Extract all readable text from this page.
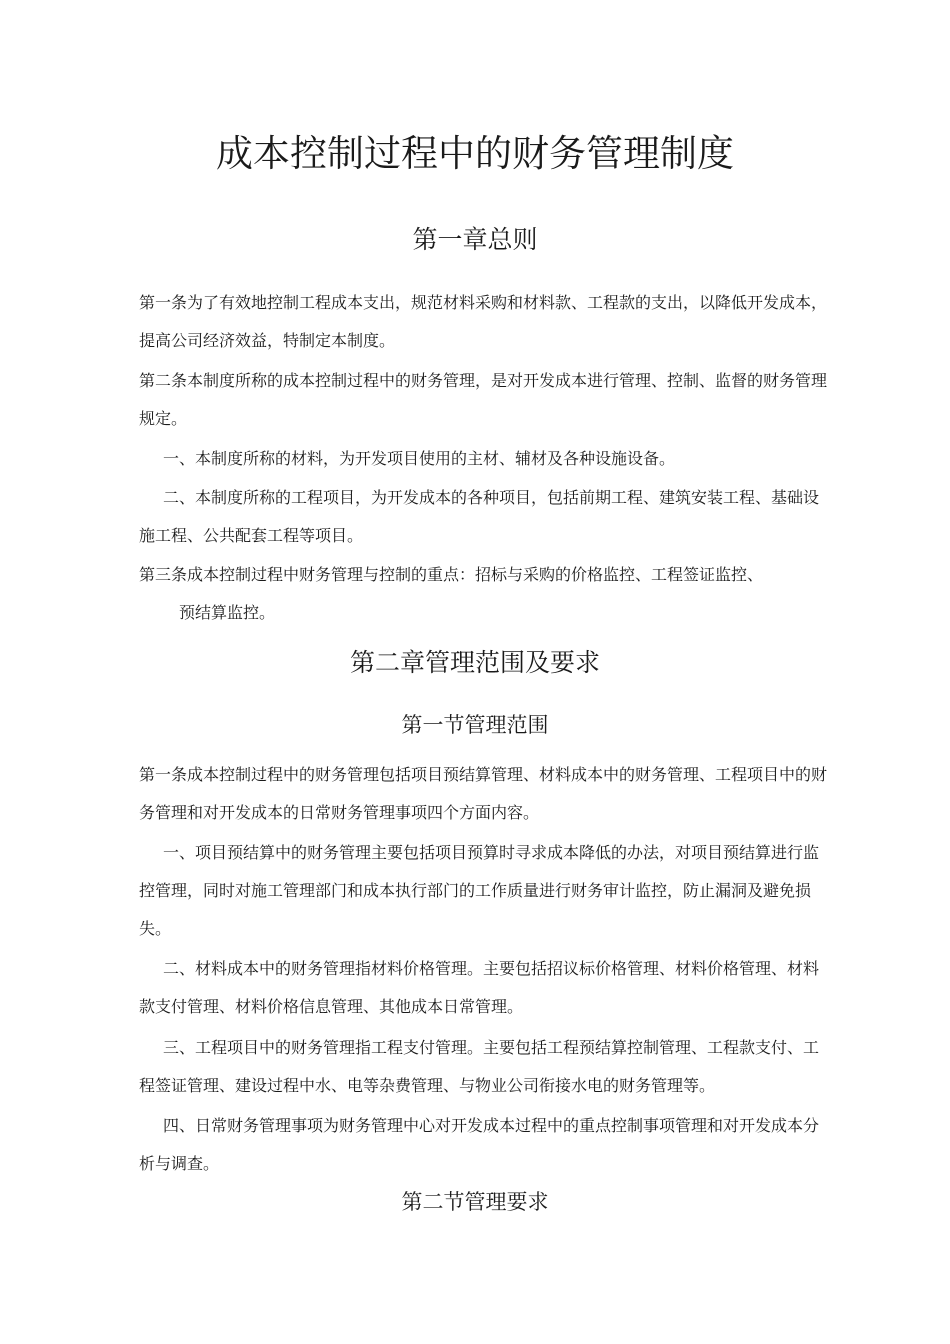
成本控制过程中的财务管理制度
第一章总则

第一条为了有效地控制工程成本支出，规范材料采购和材料款、工程款的支出，以降低开发成本，提高公司经济效益，特制定本制度。

第二条本制度所称的成本控制过程中的财务管理，是对开发成本进行管理、控制、监督的财务管理规定。

一、本制度所称的材料，为开发项目使用的主材、辅材及各种设施设备。

二、本制度所称的工程项目，为开发成本的各种项目，包括前期工程、建筑安装工程、基础设施工程、公共配套工程等项目。

第三条成本控制过程中财务管理与控制的重点：招标与采购的价格监控、工程签证监控、

预结算监控。

第二章管理范围及要求
第一节管理范围

第一条成本控制过程中的财务管理包括项目预结算管理、材料成本中的财务管理、工程项目中的财务管理和对开发成本的日常财务管理事项四个方面内容。

一、项目预结算中的财务管理主要包括项目预算时寻求成本降低的办法，对项目预结算进行监控管理，同时对施工管理部门和成本执行部门的工作质量进行财务审计监控，防止漏洞及避免损失。

二、材料成本中的财务管理指材料价格管理。主要包括招议标价格管理、材料价格管理、材料款支付管理、材料价格信息管理、其他成本日常管理。

三、工程项目中的财务管理指工程支付管理。主要包括工程预结算控制管理、工程款支付、工程签证管理、建设过程中水、电等杂费管理、与物业公司衔接水电的财务管理等。

四、日常财务管理事项为财务管理中心对开发成本过程中的重点控制事项管理和对开发成本分析与调查。

第二节管理要求
